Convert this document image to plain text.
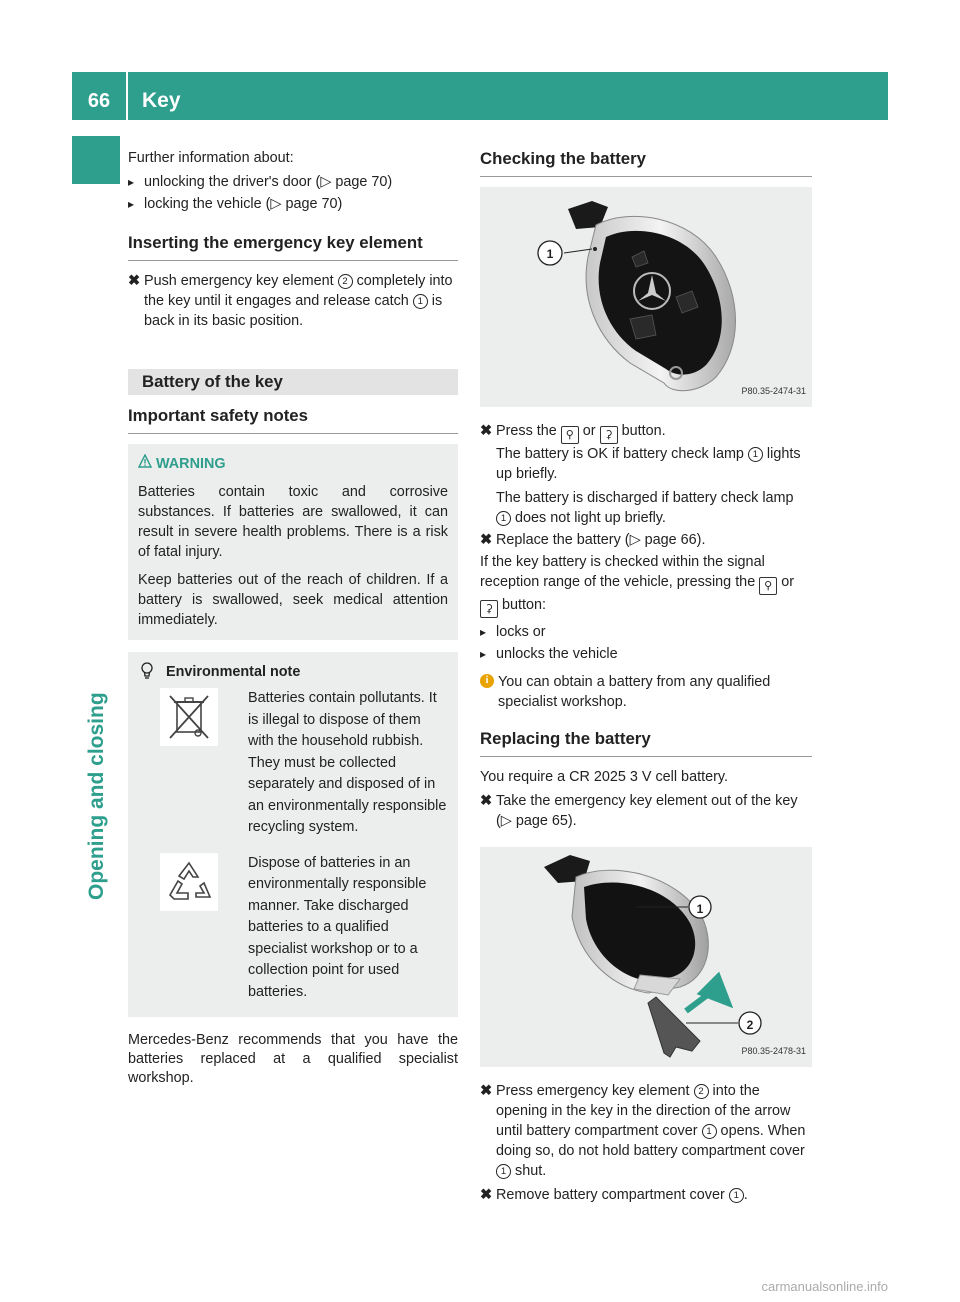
66	Key
Opening and closing

Further information about:

▸ unlocking the driver's door (▷ page 70)
▸ locking the vehicle (▷ page 70)
Inserting the emergency key element
✖ Push emergency key element 2 completely into the key until it engages and release catch 1 is back in its basic position.
Battery of the key
Important safety notes
WARNING

Batteries contain toxic and corrosive substances. If batteries are swallowed, it can result in severe health problems. There is a risk of fatal injury.

Keep batteries out of the reach of children. If a battery is swallowed, seek medical attention immediately.

Environmental note

Batteries contain pollutants. It is illegal to dispose of them with the household rubbish. They must be collected separately and disposed of in an environmentally responsible recycling system.

Dispose of batteries in an environmentally responsible manner. Take discharged batteries to a qualified specialist workshop or to a collection point for used batteries.

Mercedes-Benz recommends that you have the batteries replaced at a qualified specialist workshop.

Checking the battery
1
P80.35-2474-31
✖ Press the ⚲ or ⚳ button.

The battery is OK if battery check lamp 1 lights up briefly.

The battery is discharged if battery check lamp 1 does not light up briefly.

✖ Replace the battery (▷ page 66).

If the key battery is checked within the signal reception range of the vehicle, pressing the ⚲ or ⚳ button:

▸ locks or
▸ unlocks the vehicle
i You can obtain a battery from any qualified specialist workshop.
Replacing the battery

You require a CR 2025 3 V cell battery.

✖ Take the emergency key element out of the key (▷ page 65).
1
2
P80.35-2478-31
✖ Press emergency key element 2 into the opening in the key in the direction of the arrow until battery compartment cover 1 opens. When doing so, do not hold battery compartment cover 1 shut.
✖ Remove battery compartment cover 1 .
carmanualsonline.info
